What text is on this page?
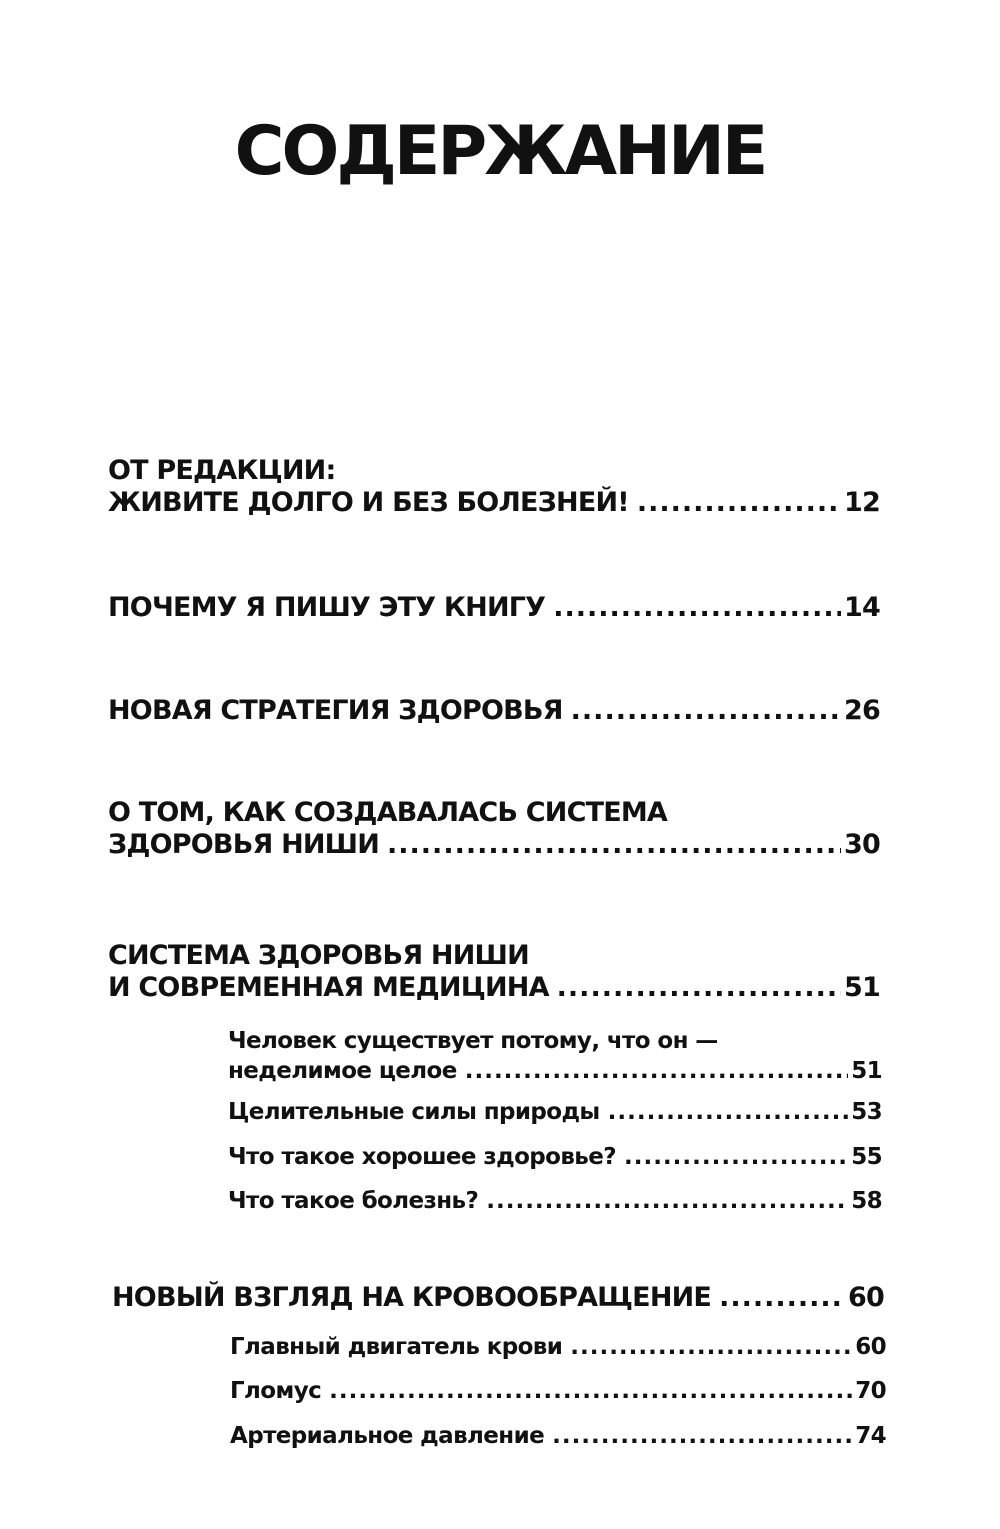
СОДЕРЖАНИЕ
ОТ РЕДАКЦИИ:
ЖИВИТЕ ДОЛГО И БЕЗ БОЛЕЗНЕЙ! .....	12
ПОЧЕМУ Я ПИШУ ЭТУ КНИГУ .....	14
НОВАЯ СТРАТЕГИЯ ЗДОРОВЬЯ .....	26
О ТОМ, КАК СОЗДАВАЛАСЬ СИСТЕМА
ЗДОРОВЬЯ НИШИ .....	30
СИСТЕМА ЗДОРОВЬЯ НИШИ
И СОВРЕМЕННАЯ МЕДИЦИНА .....	51
Человек существует потому, что он —
неделимое целое .....	51
Целительные силы природы .....	53
Что такое хорошее здоровье? .....	55
Что такое болезнь? .....	58
НОВЫЙ ВЗГЛЯД НА КРОВООБРАЩЕНИЕ .....	60
Главный двигатель крови .....	60
Гломус .....	70
Артериальное давление .....	74
